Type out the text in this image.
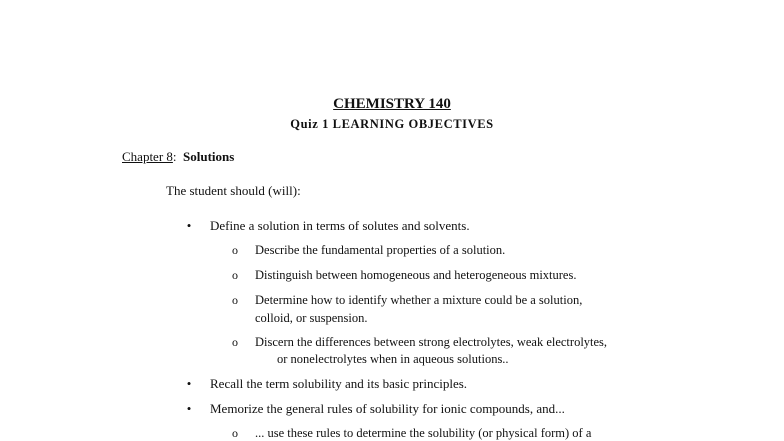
CHEMISTRY 140
Quiz 1 LEARNING OBJECTIVES
Chapter 8: Solutions
The student should (will):
• Define a solution in terms of solutes and solvents.
o Describe the fundamental properties of a solution.
o Distinguish between homogeneous and heterogeneous mixtures.
o Determine how to identify whether a mixture could be a solution,
colloid, or suspension.
o Discern the differences between strong electrolytes, weak electrolytes,
or nonelectrolytes when in aqueous solutions..
• Recall the term solubility and its basic principles.
• Memorize the general rules of solubility for ionic compounds, and...
o ... use these rules to determine the solubility (or physical form) of a
